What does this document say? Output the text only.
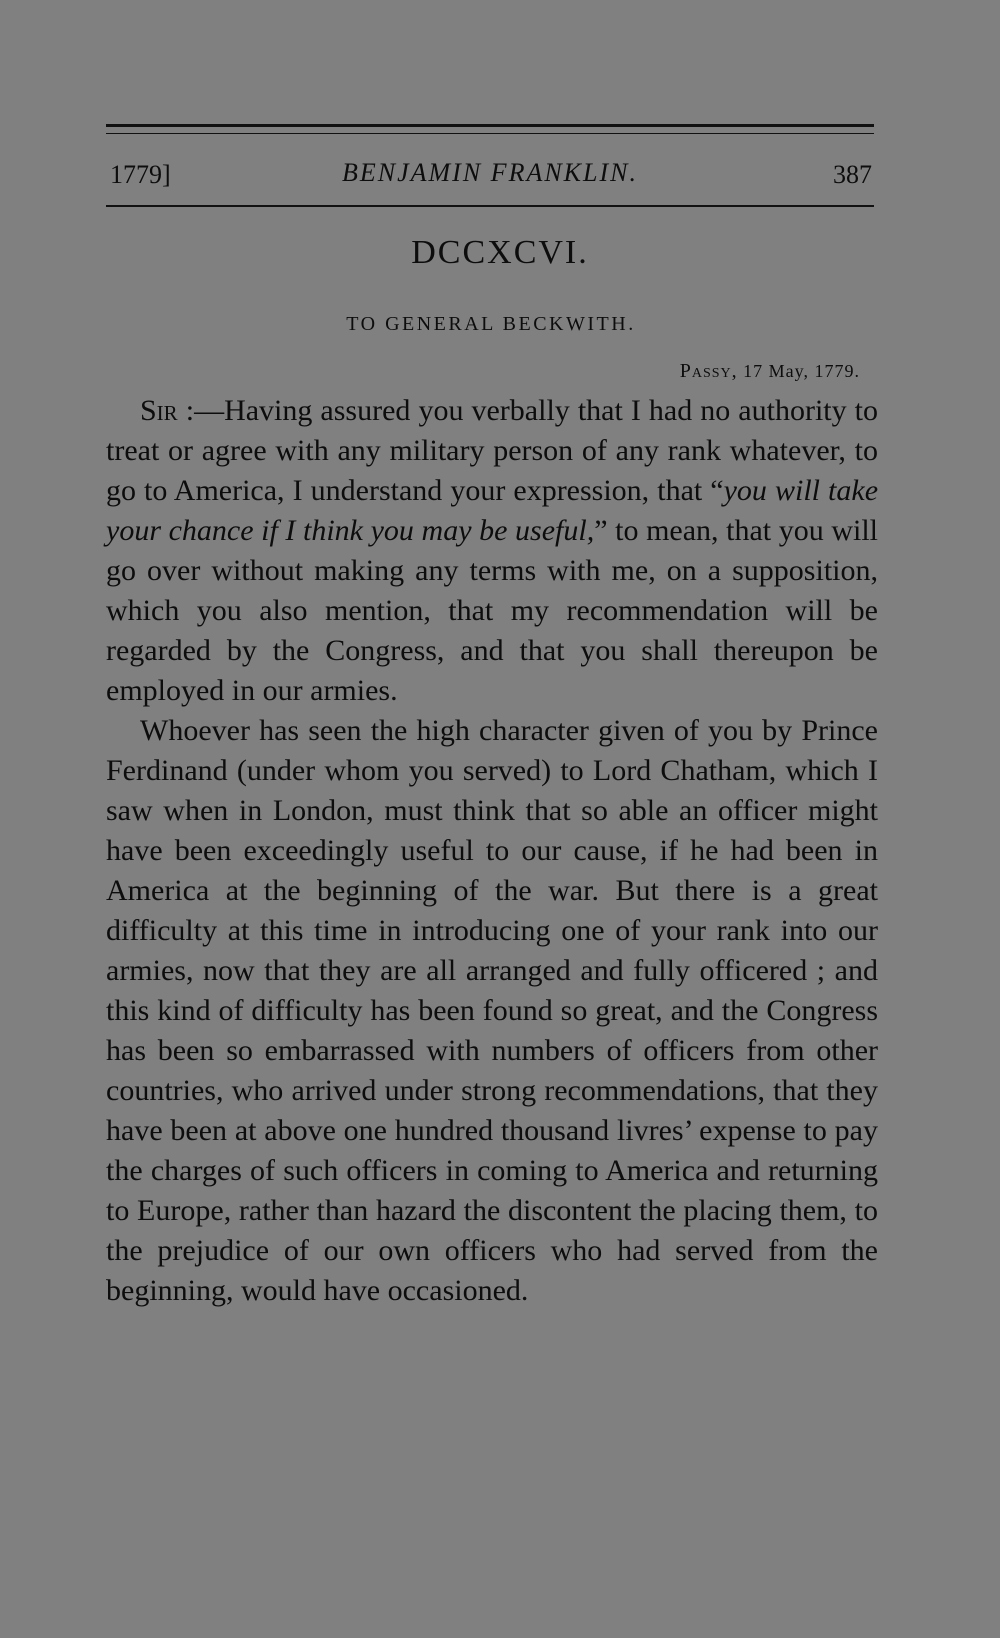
1779]	BENJAMIN FRANKLIN.	387
DCCXCVI.
TO GENERAL BECKWITH.
Passy, 17 May, 1779.

Sir :—Having assured you verbally that I had no authority to treat or agree with any military person of any rank whatever, to go to America, I understand your expression, that “you will take your chance if I think you may be useful,” to mean, that you will go over without making any terms with me, on a supposition, which you also mention, that my recommendation will be regarded by the Congress, and that you shall thereupon be employed in our armies.

Whoever has seen the high character given of you by Prince Ferdinand (under whom you served) to Lord Chatham, which I saw when in London, must think that so able an officer might have been exceedingly useful to our cause, if he had been in America at the beginning of the war. But there is a great difficulty at this time in introducing one of your rank into our armies, now that they are all arranged and fully officered ; and this kind of difficulty has been found so great, and the Congress has been so embarrassed with numbers of officers from other countries, who arrived under strong recommendations, that they have been at above one hundred thousand livres’ expense to pay the charges of such officers in coming to America and returning to Europe, rather than hazard the discontent the placing them, to the prejudice of our own officers who had served from the beginning, would have occasioned.
